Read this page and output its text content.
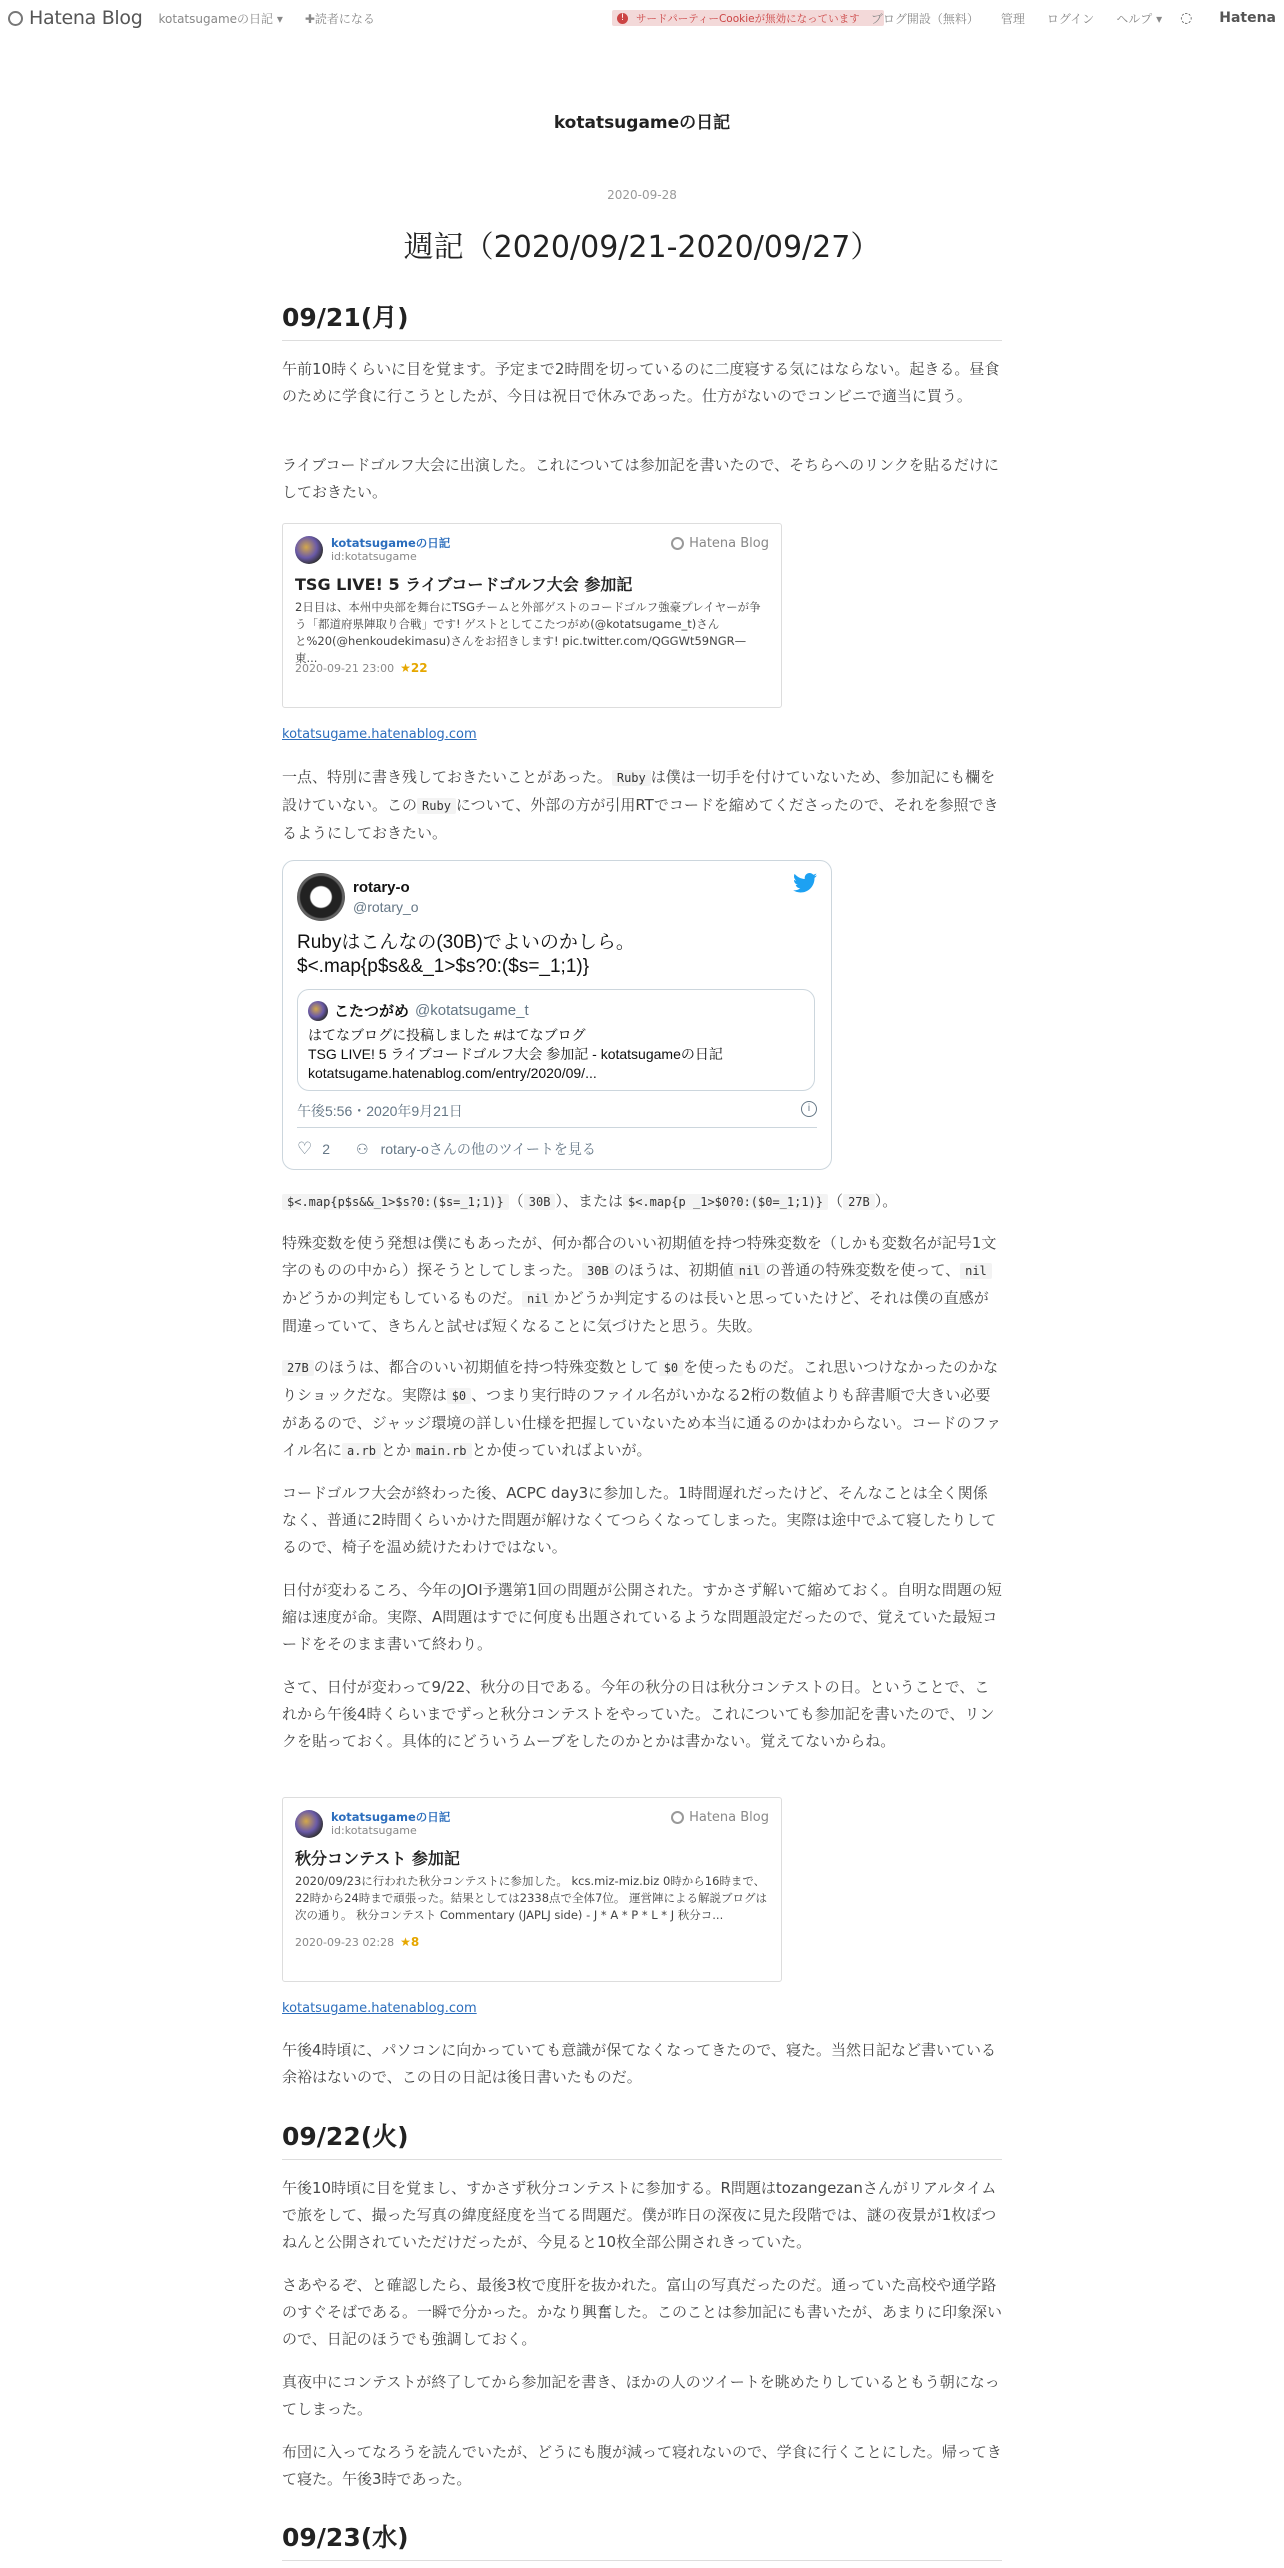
Hatena Blog kotatsugameの日記 ▾ ✚読者になる	!	サードパーティーCookieが無効になっています ブログ開設（無料） 管理 ログイン ヘルプ ▾ ◌ Hatena
kotatsugameの日記
2020-09-28
週記（2020/09/21-2020/09/27）
09/21(月)

午前10時くらいに目を覚ます。予定まで2時間を切っているのに二度寝する気にはならない。起きる。昼食のために学食に行こうとしたが、今日は祝日で休みであった。仕方がないのでコンビニで適当に買う。

ライブコードゴルフ大会に出演した。これについては参加記を書いたので、そちらへのリンクを貼るだけにしておきたい。

kotatsugameの日記
id:kotatsugame
Hatena Blog
TSG LIVE! 5 ライブコードゴルフ大会 参加記
2日目は、本州中央部を舞台にTSGチームと外部ゲストのコードゴルフ強豪プレイヤーが争う「都道府県陣取り合戦」です! ゲストとしてこたつがめ(@kotatsugame_t)さんと%20(@henkoudekimasu)さんをお招きします! pic.twitter.com/QGGWt59NGR— 東...
2020-09-21 23:00 ★22
kotatsugame.hatenablog.com

一点、特別に書き残しておきたいことがあった。 Ruby は僕は一切手を付けていないため、参加記にも欄を設けていない。この Ruby について、外部の方が引用RTでコードを縮めてくださったので、それを参照できるようにしておきたい。

rotary-o
@rotary_o
Rubyはこんなの(30B)でよいのかしら。
$<.map{p$s&&_1>$s?0:($s=_1;1)}
こたつがめ @kotatsugame_t
はてなブログに投稿しました #はてなブログ
TSG LIVE! 5 ライブコードゴルフ大会 参加記 - kotatsugameの日記
kotatsugame.hatenablog.com/entry/2020/09/...
午後5:56・2020年9月21日	i
♡ 2 ⚇ rotary-oさんの他のツイートを見る

$<.map{p$s&&_1>$s?0:($s=_1;1)} （ 30B ）、または $<.map{p _1>$0?0:($0=_1;1)} （ 27B ）。

特殊変数を使う発想は僕にもあったが、何か都合のいい初期値を持つ特殊変数を（しかも変数名が記号1文字のものの中から）探そうとしてしまった。 30B のほうは、初期値 nil の普通の特殊変数を使って、 nilかどうかの判定もしているものだ。 nil かどうか判定するのは長いと思っていたけど、それは僕の直感が間違っていて、きちんと試せば短くなることに気づけたと思う。失敗。

27B のほうは、都合のいい初期値を持つ特殊変数として $0 を使ったものだ。これ思いつけなかったのかなりショックだな。実際は $0 、つまり実行時のファイル名がいかなる2桁の数値よりも辞書順で大きい必要があるので、ジャッジ環境の詳しい仕様を把握していないため本当に通るのかはわからない。コードのファイル名に a.rb とか main.rb とか使っていればよいが。

コードゴルフ大会が終わった後、ACPC day3に参加した。1時間遅れだったけど、そんなことは全く関係なく、普通に2時間くらいかけた問題が解けなくてつらくなってしまった。実際は途中でふて寝したりしてるので、椅子を温め続けたわけではない。

日付が変わるころ、今年のJOI予選第1回の問題が公開された。すかさず解いて縮めておく。自明な問題の短縮は速度が命。実際、A問題はすでに何度も出題されているような問題設定だったので、覚えていた最短コードをそのまま書いて終わり。

さて、日付が変わって9/22、秋分の日である。今年の秋分の日は秋分コンテストの日。ということで、これから午後4時くらいまでずっと秋分コンテストをやっていた。これについても参加記を書いたので、リンクを貼っておく。具体的にどういうムーブをしたのかとかは書かない。覚えてないからね。

kotatsugameの日記
id:kotatsugame
Hatena Blog
秋分コンテスト 参加記
2020/09/23に行われた秋分コンテストに参加した。 kcs.miz-miz.biz 0時から16時まで、22時から24時まで頑張った。結果としては2338点で全体7位。 運営陣による解説ブログは次の通り。 秋分コンテスト Commentary (JAPLJ side) - J * A * P * L * J 秋分コ...
2020-09-23 02:28 ★8
kotatsugame.hatenablog.com

午後4時頃に、パソコンに向かっていても意識が保てなくなってきたので、寝た。当然日記など書いている余裕はないので、この日の日記は後日書いたものだ。

09/22(火)

午後10時頃に目を覚まし、すかさず秋分コンテストに参加する。R問題はtozangezanさんがリアルタイムで旅をして、撮った写真の緯度経度を当てる問題だ。僕が昨日の深夜に見た段階では、謎の夜景が1枚ぽつねんと公開されていただけだったが、今見ると10枚全部公開されきっていた。

さあやるぞ、と確認したら、最後3枚で度肝を抜かれた。富山の写真だったのだ。通っていた高校や通学路のすぐそばである。一瞬で分かった。かなり興奮した。このことは参加記にも書いたが、あまりに印象深いので、日記のほうでも強調しておく。

真夜中にコンテストが終了してから参加記を書き、ほかの人のツイートを眺めたりしているともう朝になってしまった。

布団に入ってなろうを読んでいたが、どうにも腹が減って寝れないので、学食に行くことにした。帰ってきて寝た。午後3時であった。

09/23(水)
